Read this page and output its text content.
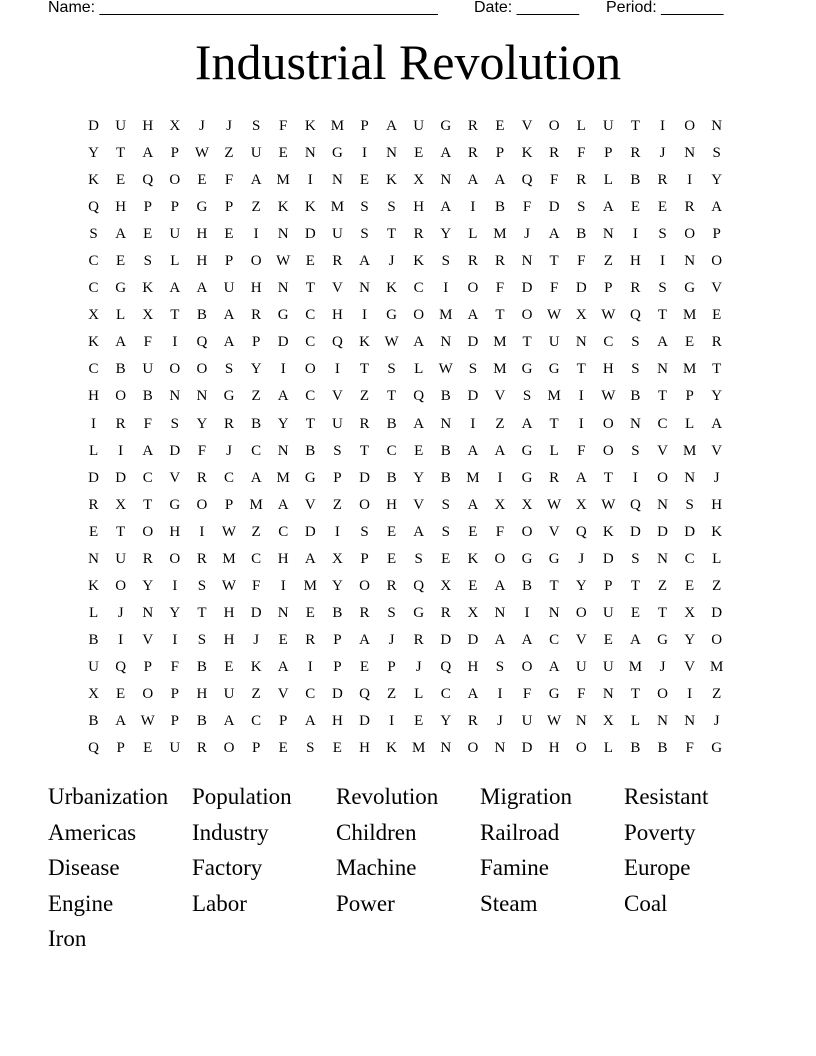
Name: ______________________________________ Date: _______ Period: _______
Industrial Revolution
D	U	H	X	J	J	S	F	K	M	P	A	U	G	R	E	V	O	L	U	T	I	O	N
Y	T	A	P	W	Z	U	E	N	G	I	N	E	A	R	P	K	R	F	P	R	J	N	S
K	E	Q	O	E	F	A	M	I	N	E	K	X	N	A	A	Q	F	R	L	B	R	I	Y
Q	H	P	P	G	P	Z	K	K	M	S	S	H	A	I	B	F	D	S	A	E	E	R	A
S	A	E	U	H	E	I	N	D	U	S	T	R	Y	L	M	J	A	B	N	I	S	O	P
C	E	S	L	H	P	O W	E	R	A	J	K	S	R	R	N	T	F	Z	H	I	N	O
C	G	K	A	A	U	H	N	T	V	N	K	C	I	O	F	D	F	D	P	R	S	G	V
X	L	X	T	B	A	R	G	C	H	I	G	O	M	A	T	O W X W Q	T	M	E
K	A	F	I	Q	A	P	D	C	Q	K W A	N	D	M	T	U	N	C	S	A	E	R
C	B	U	O	O	S	Y	I	O	I	T	S	L	W	S	M	G	G	T	H	S	N	M	T
H	O	B	N	N	G	Z	A	C	V	Z	T	Q	B	D	V	S	M	I	W	B	T	P	Y
I	R	F	S	Y	R	B	Y	T	U	R	B	A	N	I	Z	A	T	I	O	N	C	L	A
L	I	A	D	F	J	C	N	B	S	T	C	E	B	A	A	G	L	F	O	S	V	M	V
D	D	C	V	R	C	A	M	G	P	D	B	Y	B	M	I	G	R	A	T	I	O	N	J
R	X	T	G	O	P	M	A	V	Z	O	H	V	S	A	X	X W X W Q	N	S	H
E	T	O	H	I	W	Z	C	D	I	S	E	A	S	E	F	O	V	Q	K	D	D	D	K
N	U	R	O	R	M	C	H	A	X	P	E	S	E	K	O	G	G	J	D	S	N	C	L
K	O	Y	I	S	W	F	I	M	Y	O	R	Q	X	E	A	B	T	Y	P	T	Z	E	Z
L	J	N	Y	T	H	D	N	E	B	R	S	G	R	X	N	I	N	O	U	E	T	X	D
B	I	V	I	S	H	J	E	R	P	A	J	R	D	D	A	A	C	V	E	A	G	Y	O
U	Q	P	F	B	E	K	A	I	P	E	P	J	Q	H	S	O	A	U	U	M	J	V	M
X	E	O	P	H	U	Z	V	C	D	Q	Z	L	C	A	I	F	G	F	N	T	O	I	Z
B	A W	P	B	A	C	P	A	H	D	I	E	Y	R	J	U W N	X	L	N	N	J
Q	P	E	U	R	O	P	E	S	E	H	K	M	N	O	N	D	H	O	L	B	B	F	G
Urbanization	Population	Revolution	Migration	Resistant
Americas	Industry	Children	Railroad	Poverty
Disease	Factory	Machine	Famine	Europe
Engine	Labor	Power	Steam	Coal
Iron
